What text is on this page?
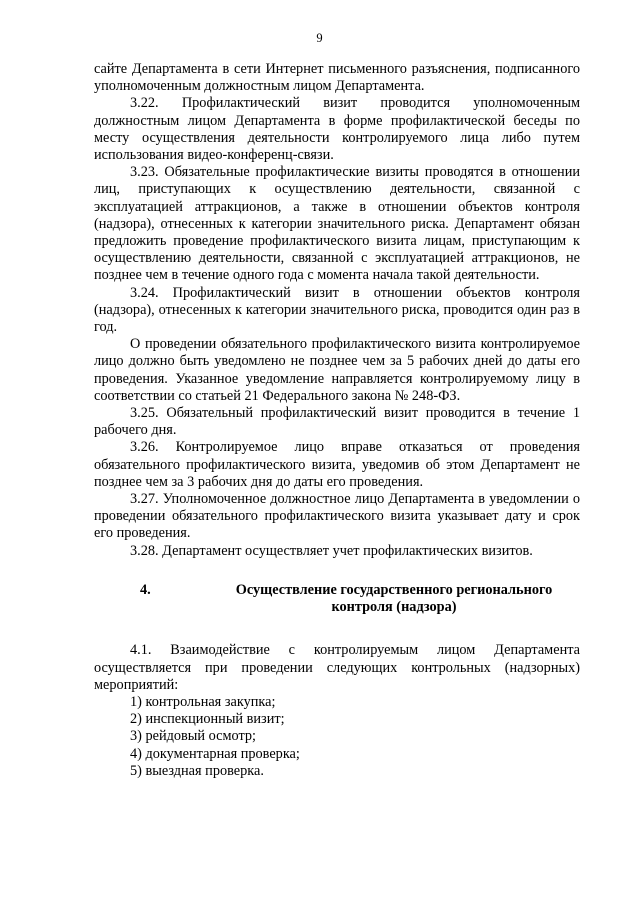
9

сайте Департамента в сети Интернет письменного разъяснения, подписанного уполномоченным должностным лицом Департамента.

3.22. Профилактический визит проводится уполномоченным должностным лицом Департамента в форме профилактической беседы по месту осуществления деятельности контролируемого лица либо путем использования видео-конференц-связи.

3.23. Обязательные профилактические визиты проводятся в отношении лиц, приступающих к осуществлению деятельности, связанной с эксплуатацией аттракционов, а также в отношении объектов контроля (надзора), отнесенных к категории значительного риска. Департамент обязан предложить проведение профилактического визита лицам, приступающим к осуществлению деятельности, связанной с эксплуатацией аттракционов, не позднее чем в течение одного года с момента начала такой деятельности.

3.24. Профилактический визит в отношении объектов контроля (надзора), отнесенных к категории значительного риска, проводится один раз в год.

О проведении обязательного профилактического визита контролируемое лицо должно быть уведомлено не позднее чем за 5 рабочих дней до даты его проведения. Указанное уведомление направляется контролируемому лицу в соответствии со статьей 21 Федерального закона № 248-ФЗ.

3.25. Обязательный профилактический визит проводится в течение 1 рабочего дня.

3.26. Контролируемое лицо вправе отказаться от проведения обязательного профилактического визита, уведомив об этом Департамент не позднее чем за 3 рабочих дня до даты его проведения.

3.27. Уполномоченное должностное лицо Департамента в уведомлении о проведении обязательного профилактического визита указывает дату и срок его проведения.

3.28. Департамент осуществляет учет профилактических визитов.

4.	Осуществление государственного регионального
контроля (надзора)

4.1. Взаимодействие с контролируемым лицом Департамента осуществляется при проведении следующих контрольных (надзорных) мероприятий:

1) контрольная закупка;
2) инспекционный визит;
3) рейдовый осмотр;
4) документарная проверка;
5) выездная проверка.
